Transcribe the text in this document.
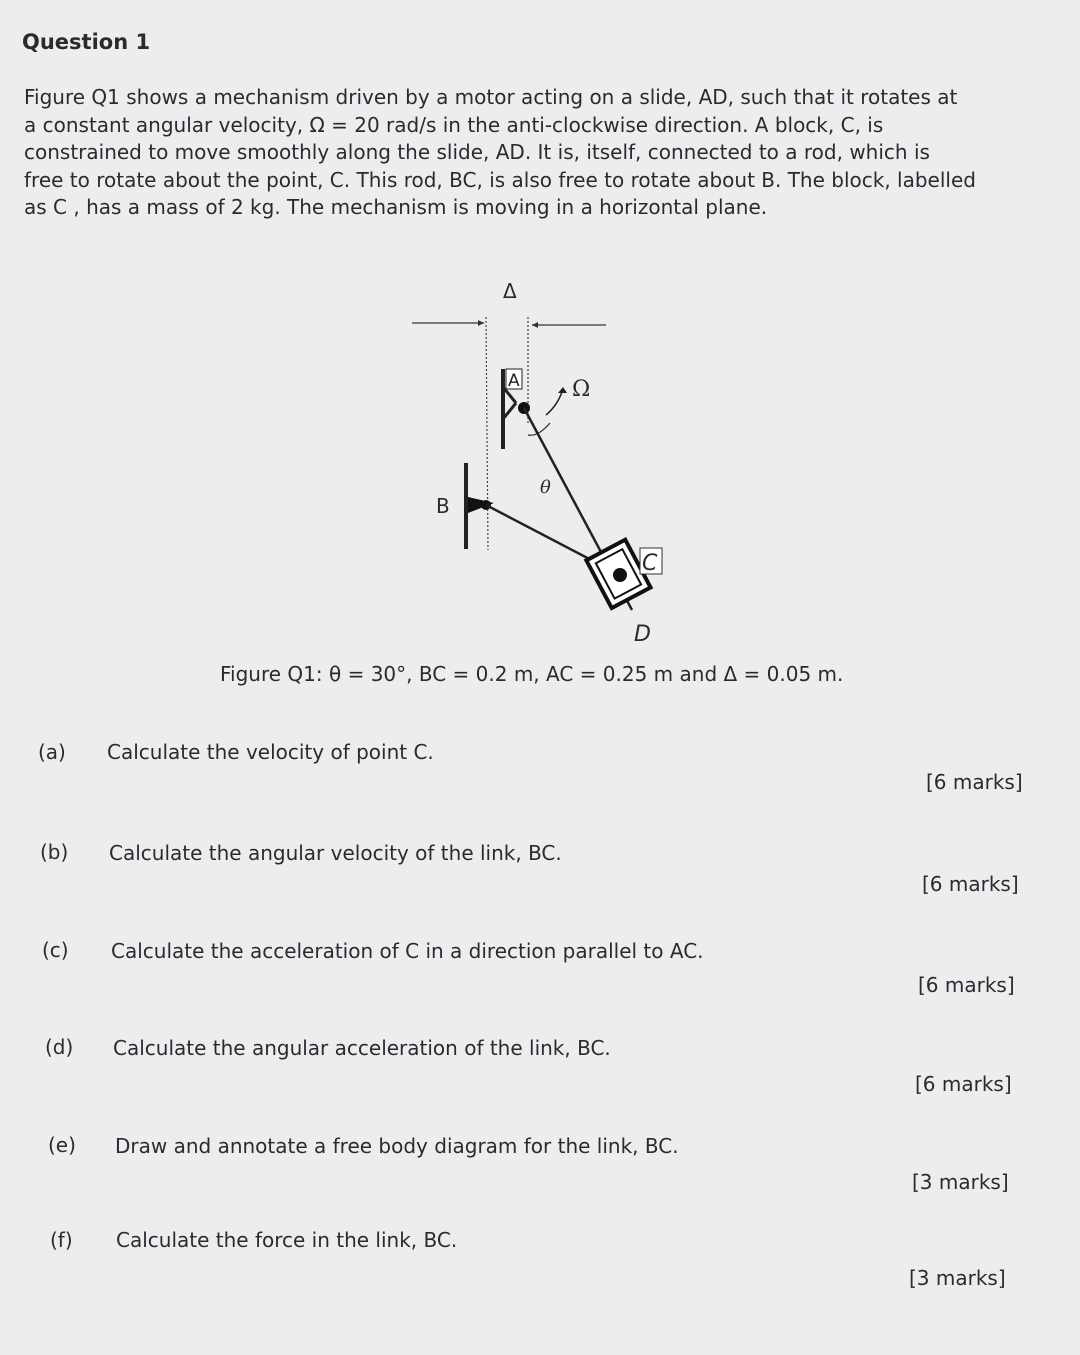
Question 1
Figure Q1 shows a mechanism driven by a motor acting on a slide, AD, such that it rotates at
a constant angular velocity, Ω = 20 rad/s in the anti-clockwise direction. A block, C, is
constrained to move smoothly along the slide, AD. It is, itself, connected to a rod, which is
free to rotate about the point, C. This rod, BC, is also free to rotate about B. The block, labelled
as C , has a mass of 2 kg. The mechanism is moving in a horizontal plane.
Δ
A Ω
θ
B
C
D
Figure Q1: θ = 30°, BC = 0.2 m, AC = 0.25 m and Δ = 0.05 m.
(a) Calculate the velocity of point C.
[6 marks]
(b) Calculate the angular velocity of the link, BC.
[6 marks]
(c) Calculate the acceleration of C in a direction parallel to AC.
[6 marks]
(d) Calculate the angular acceleration of the link, BC.
[6 marks]
(e) Draw and annotate a free body diagram for the link, BC.
[3 marks]
(f) Calculate the force in the link, BC.
[3 marks]
